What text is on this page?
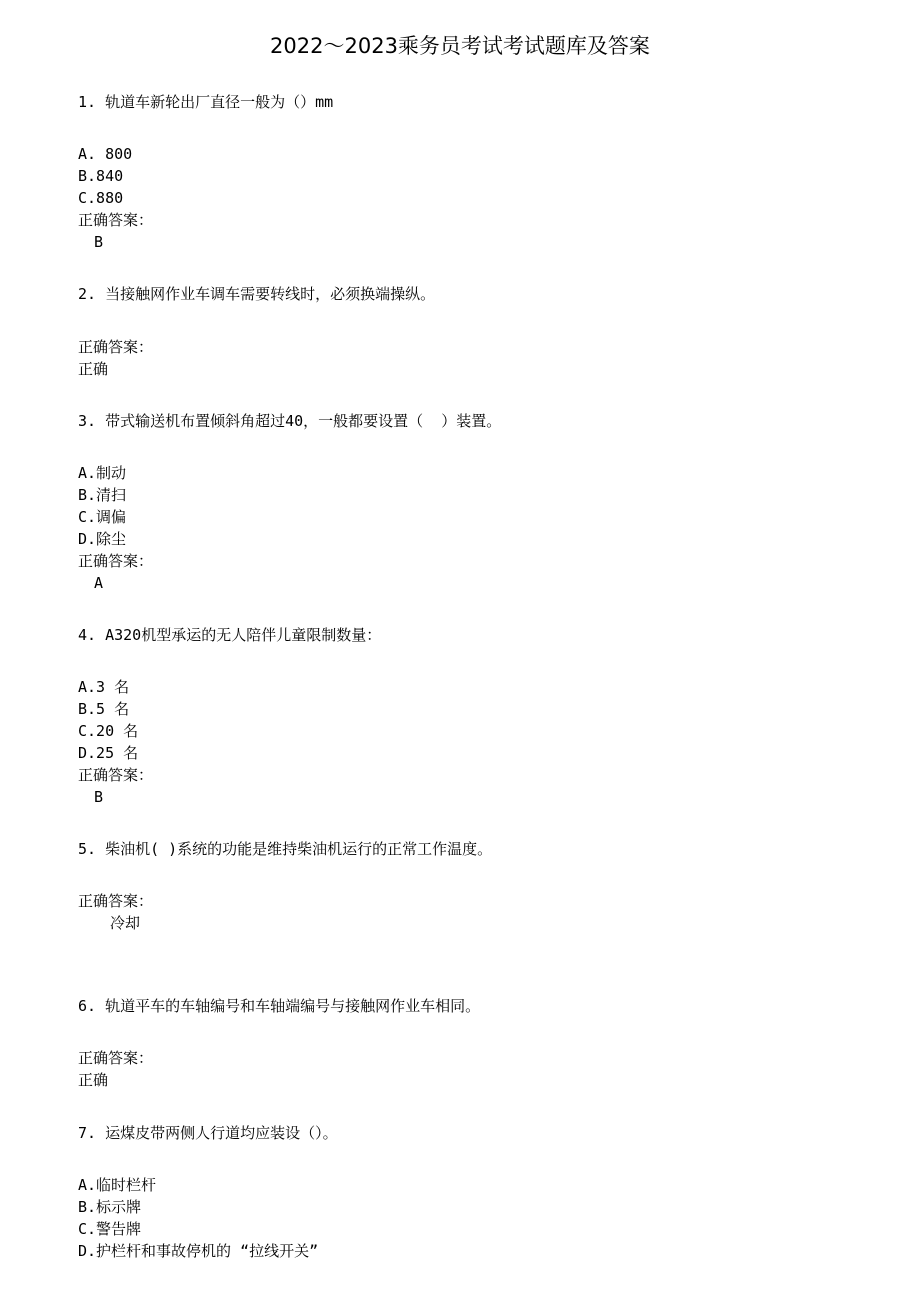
2022～2023乘务员考试考试题库及答案
1. 轨道车新轮出厂直径一般为（）mm
A. 800
B.840
C.880
正确答案：
B
2. 当接触网作业车调车需要转线时，必须换端操纵。
正确答案：
正确
3. 带式输送机布置倾斜角超过40，一般都要设置（  ）装置。
A.制动
B.清扫
C.调偏
D.除尘
正确答案：
A
4. A320机型承运的无人陪伴儿童限制数量：
A.3 名
B.5 名
C.20 名
D.25 名
正确答案：
B
5. 柴油机( )系统的功能是维持柴油机运行的正常工作温度。
正确答案：
冷却
6. 轨道平车的车轴编号和车轴端编号与接触网作业车相同。
正确答案：
正确
7. 运煤皮带两侧人行道均应装设（）。
A.临时栏杆
B.标示牌
C.警告牌
D.护栏杆和事故停机的 “拉线开关”
